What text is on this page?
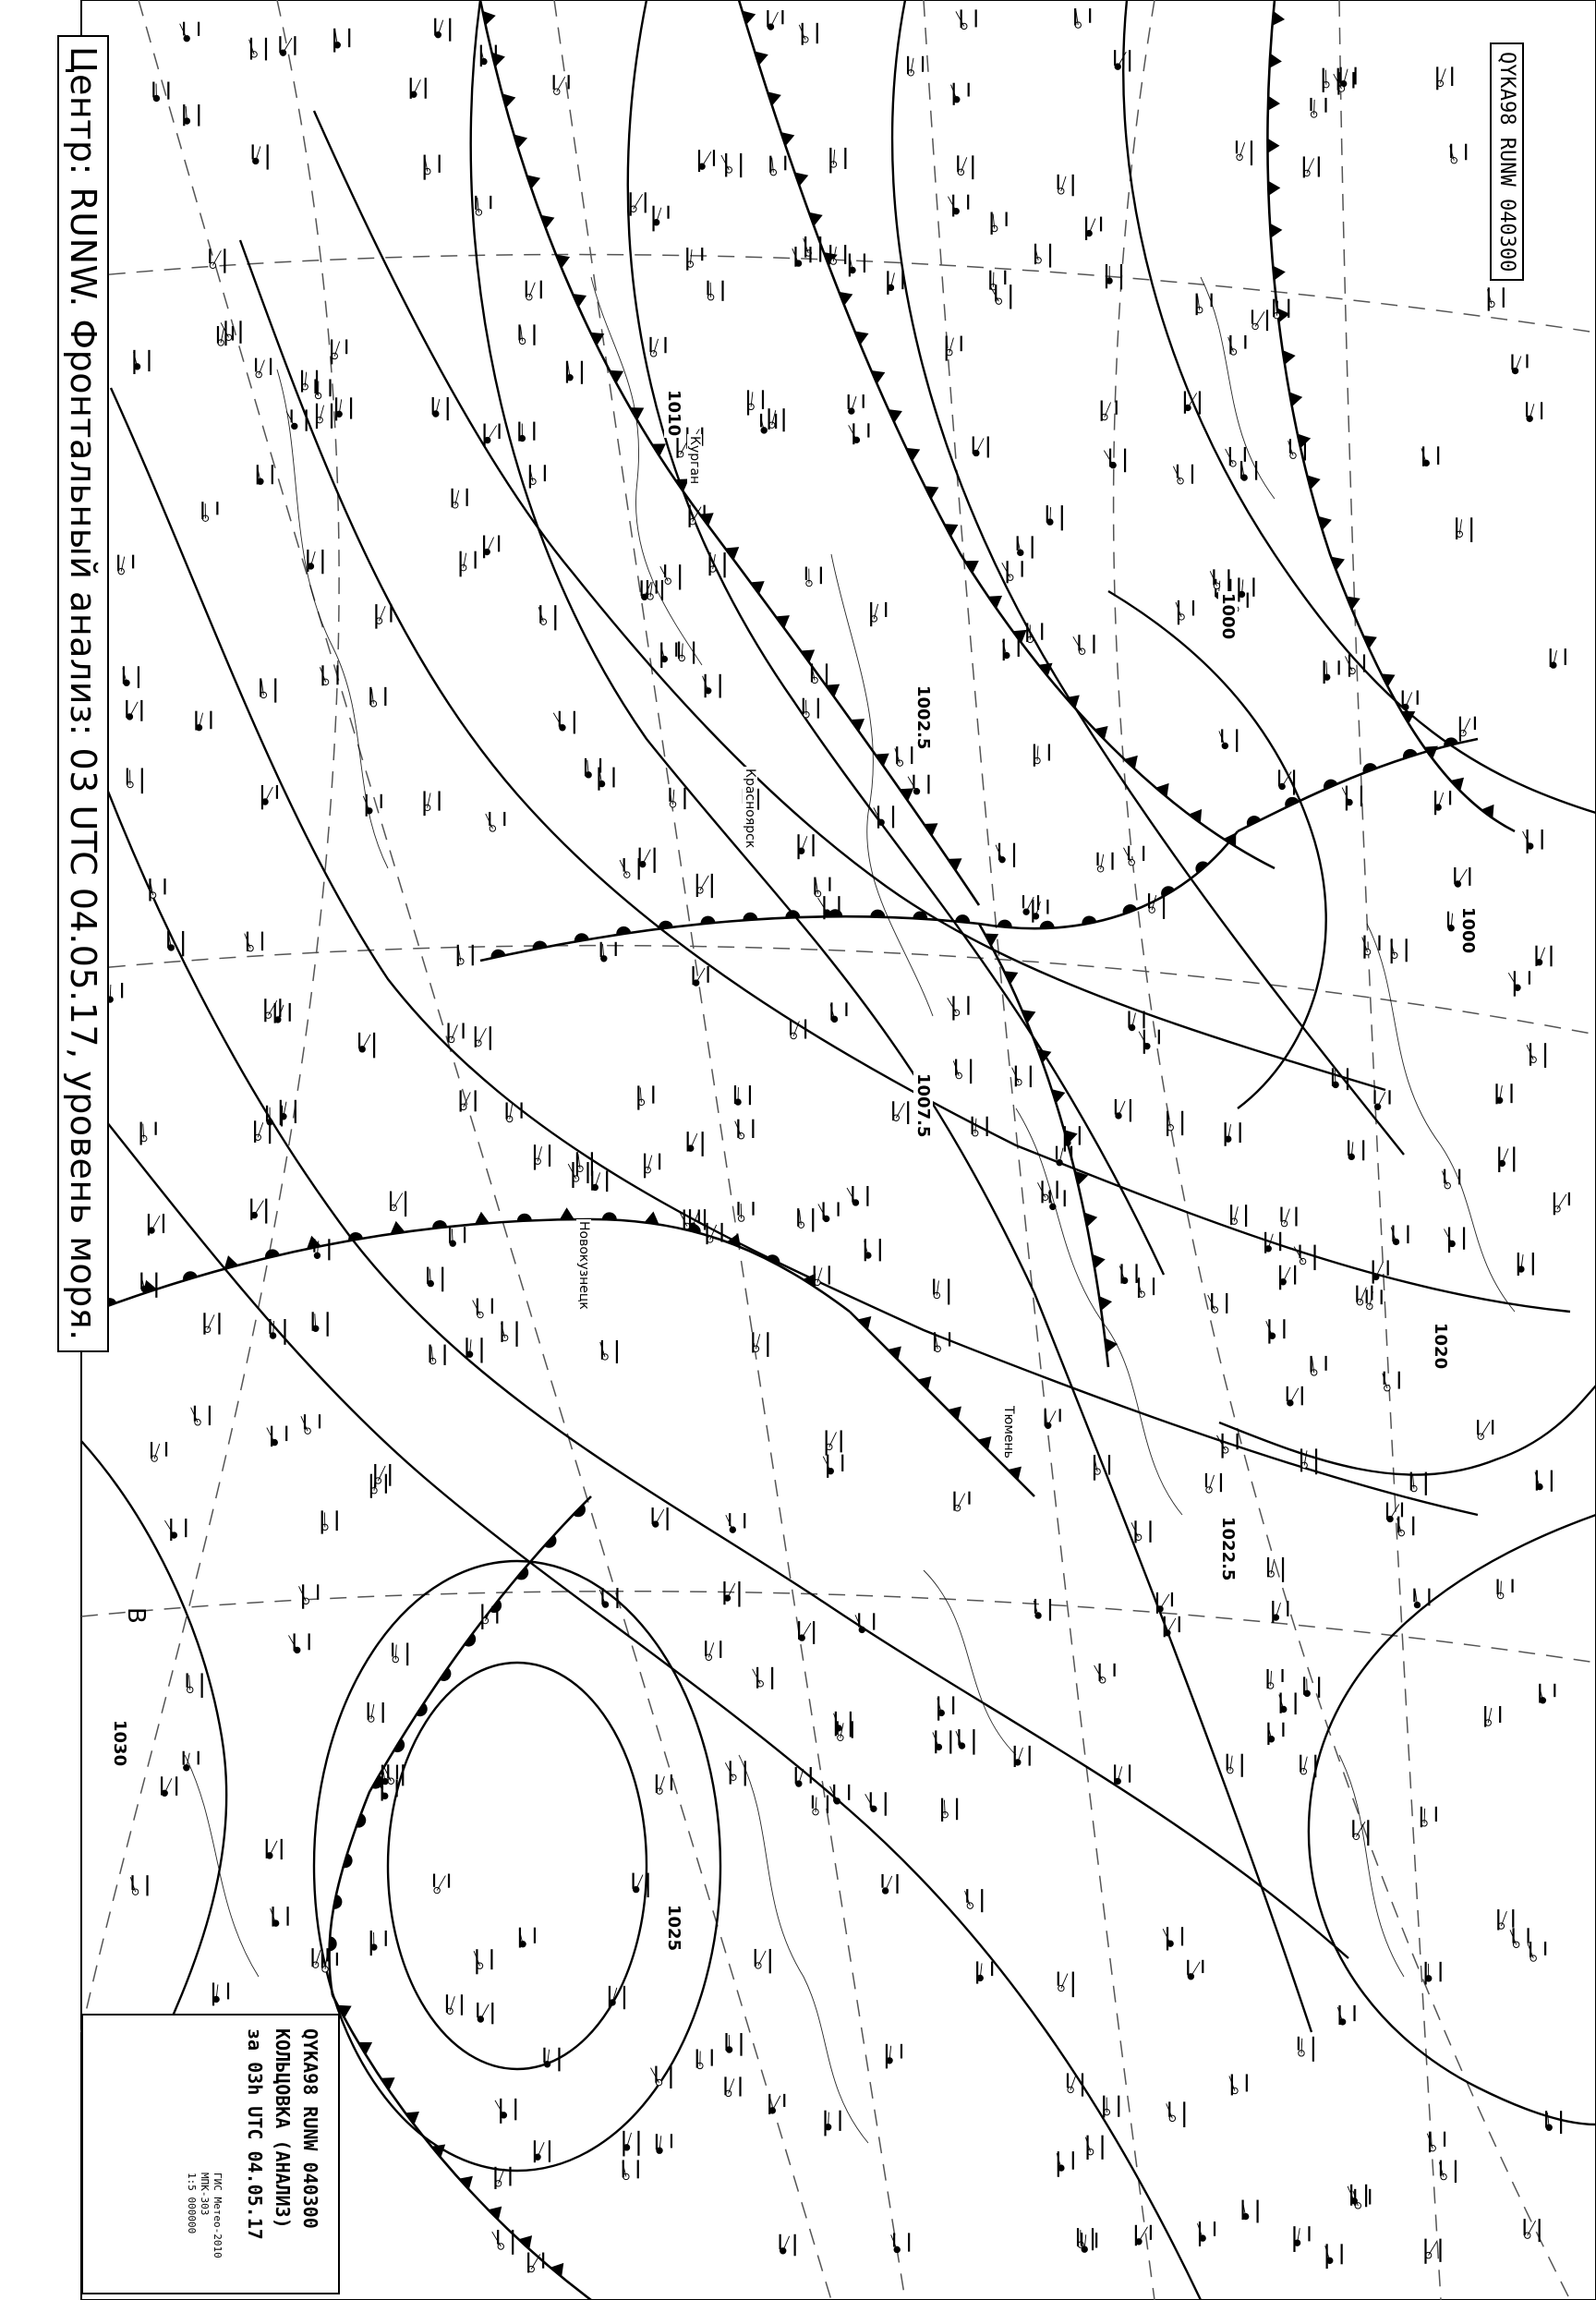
Центр: RUNW. Фронтальный анализ: 03 UTC 04.05.17, уровень моря.	QYKA98 RUNW 040300
1000
1000
1002.5
1007.5
1010
1020
1022.5
1025
1030
В
Курган
Новокузнецк
Тюмень
Красноярск
QYKA98 RUNW 040300
КОЛЬЦОВКА (АНАЛИЗ)
за 03h UTC 04.05.17
ГИС Метео-2010
МПК-303
1:5 000000
